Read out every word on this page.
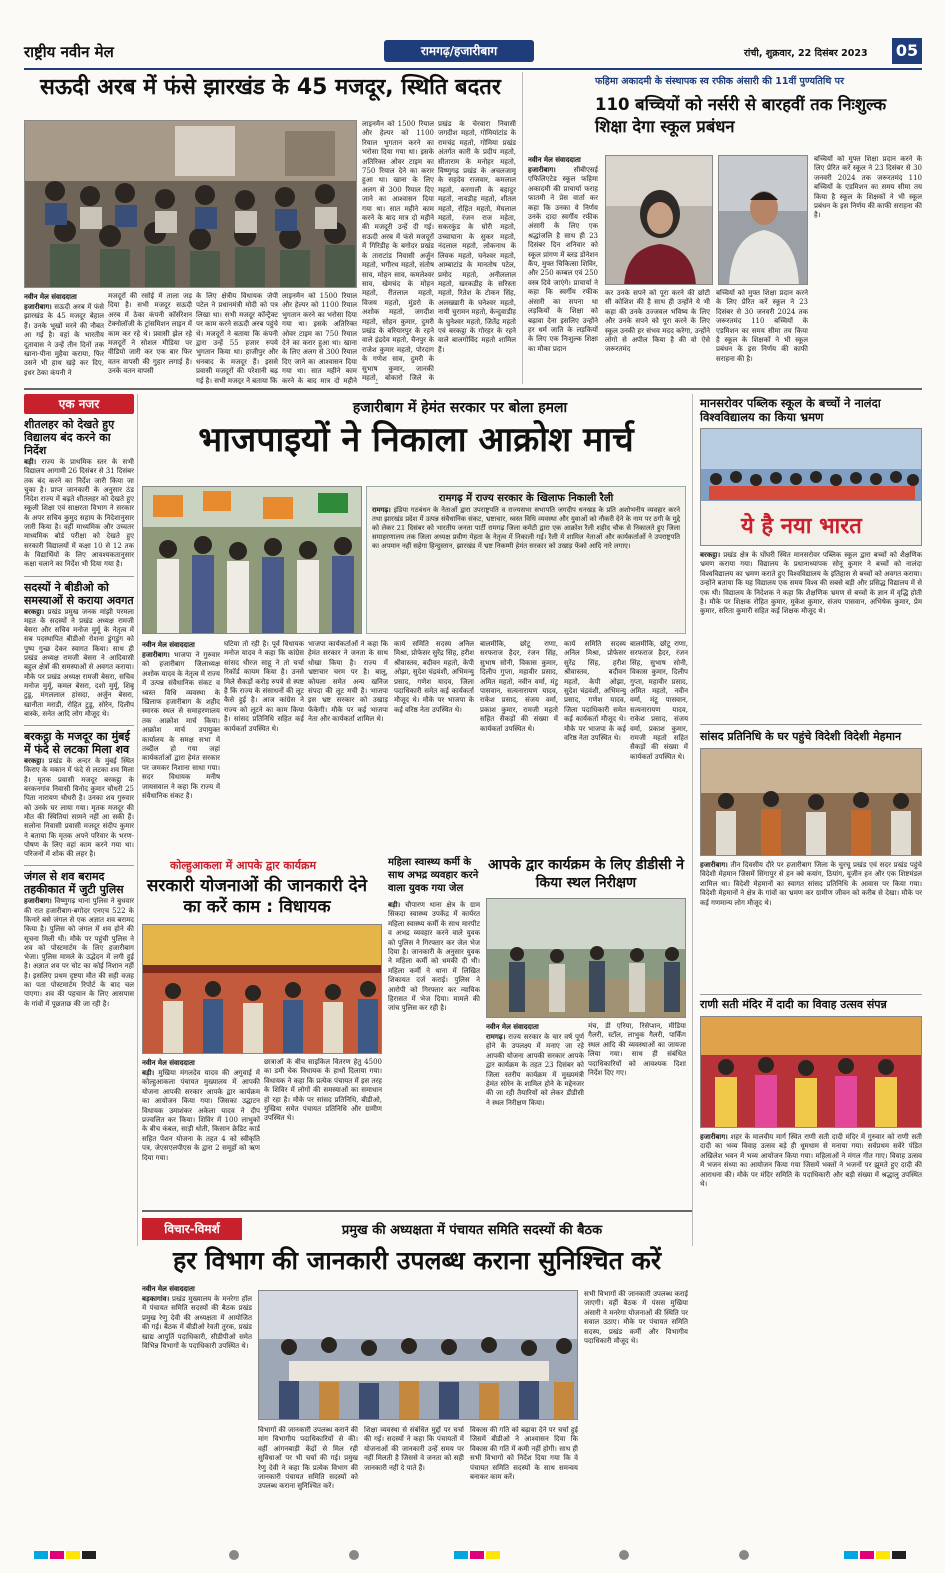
राष्ट्रीय नवीन मेल	रामगढ़/हजारीबाग	रांची, शुक्रवार, 22 दिसंबर 2023 05
सऊदी अरब में फंसे झारखंड के 45 मजदूर, स्थिति बदतर
नवीन मेल संवाददाता
हजारीबाग। सऊदी अरब में फंसे झारखंड के 45 मजदूर बेहाल हैं। उनके भूखों मरने की नौबत आ गई है। वहां के भारतीय दूतावास ने उन्हें तीन दिनों तक खाना-पीना मुहैया कराया, फिर उसने भी हाथ खड़े कर दिए, इधर ठेका कंपनी ने
मजदूरों की रसोई में ताला जड़ दिया है। सभी मजदूर सऊदी अरब में ठेका कंपनी कॉर्सरेशन टेक्नोलॉजी के ट्रांसमिशन लाइन में काम कर रहे थे। प्रवासी झेल रहे मजदूरों ने सोशल मीडिया पर वीडियो जारी कर एक बार फिर वतन वापसी की गुहार लगाई है। उनके वतन वापसी
के लिए क्षेत्रीय विधायक जेपी पटेल ने प्रधानमंत्री मोदी को पत्र लिखा था। सभी मजदूर कॉन्ट्रैक्ट पर काम करने सऊदी अरब पहुंचे थे। मजदूरों ने बताया कि कंपनी द्वारा उन्हें 55 हजार रुपये भुगतान किया था। हाजीपुर और धनबाद के मजदूर हैं। इससे प्रवासी मजदूरों की परेशानी बढ़ गई है। सभी मजदूर ने बताया कि
लाइनमैन को 1500 रियाल और हेल्पर को 1100 रियाल भुगतान करने का भरोसा दिया गया था। इसके अतिरिक्त ओवर टाइम का 750 रियाल देने का करार हुआ था। खाना के लिए अलग से 300 रियाल दिए जाने का आश्वासन दिया गया था। सात महीने काम करने के बाद मात्र दो महीने
लाइनमैन को 1500 रियाल और हेल्पर को 1100 रियाल भुगतान करने का भरोसा दिया गया था। इसके अतिरिक्त ओवर टाइम का 750 रियाल देने का करार हुआ था। खाना के लिए अलग से 300 रियाल दिए जाने का आश्वासन दिया गया था। सात महीने काम करने के बाद मात्र दो महीने की मजदूरी उन्हें दी गई। सऊदी अरब में फंसे मजदूरों में गिरिडीह के बगोदर प्रखंड के ताराटांड निवासी अर्जुन महतो, भगीरथ महतो, संतोष साव, मोहन साव, कमलेश्वर साव, खेमचंद के मोहन महतो, रीतलाल महतो, विजय महतो, मुंडरो के अशोक महतो, जगदीश महतो, सोहन कुमार, दुमरी प्रखंड के बरियारपुर के रहने वाले इंद्रदेव महतो, चैनपुर के राजेश कुमार महतो, पोरदाग के गणेश साव, दुमरी के सुभाष कुमार, जानकी महतो, बोकारो जिले के
प्रखंड के चेरवारा निवासी जगदीश महतो, गोमियांटांड के रामचंद्र महतो, गोमिया प्रखंड अंतर्गत कारी के प्रदीप महतो, सीताराम के मनोहर महतो, विष्णुगढ़ प्रखंड के अचलजामू के सहदेव राजवार, कमलाल महतो, करगाली के बहादुर महतो, नावडीह महतो, शीतल महतो, रोहित महतो, मेघलाल महतो, रंजन राज महेता, सकरकुंड के घोरी महतो, उच्चाघाना के सुकर महतो, नंदलाल महतो, लोकनाथ के लिवक महतो, घनेश्वर महतो, आम्बाटांड के मानतोष पटेल, प्रमोद महतो, अनीललाल महतो, खरकडीह के सरिस्ता महतो, रितेश के टोकन सिंह, अलख्खारी के घनेश्वर महतो, नायी चुरामन महतो, केन्दुवाडीह के घुनेश्वर महतो, जितेंद्र महतो एवं बरकट्ठा के गोरहर के रहने वाले बालगोविंद महतो शामिल हैं।
फहिमा अकादमी के संस्थापक स्व रफीक अंसारी की 11वीं पुण्यतिथि पर
110 बच्चियों को नर्सरी से बारहवीं तक निःशुल्क शिक्षा देगा स्कूल प्रबंधन
नवीन मेल संवाददाता
हजारीबाग।	सीबीएसई एफिलिएटेड स्कूल फहिमा अकादमी की प्राचार्या फराह फातमी ने प्रेस वार्ता कर कहा कि उनका ये निर्णय उनके दादा स्वर्गीय रफीक अंसारी के लिए एक श्रद्धांजलि है साथ ही 23 दिसंबर दिन शनिवार को स्कूल प्रांगण में ब्लड डोनेशन कैंप, मुफ्त चिकित्सा शिविर, और 250 कम्बल एवं 250 वस्त्र दिये जाएंगे। प्राचार्या ने कहा कि स्वर्गीय रफीक अंसारी का सपना था लड़कियों के शिक्षा को बढ़ावा देना इसलिए उन्होंने हर धर्म जाति के लड़कियों के लिए एक निःशुल्क शिक्षा का मौका प्रदान
कर उनके सपने को पूरा करने की छोटी सी कोशिश की है साथ ही उन्होंने ये भी कहा की उनके उज्जवल भविष्य के लिए और उनके सपने को पूरा करने के लिए स्कूल उनकी हर संभव मदद करेगा, उन्होंने लोगो से अपील किया है की वो ऐसे जरूरतमंद
बच्चियों को मुफ्त शिक्षा प्रदान करने के लिए प्रेरित करें स्कूल ने 23 दिसंबर से 30 जनवरी 2024 तक जरूरतमंद 110 बच्चियों के एडमिशन का समय सीमा तय किया है स्कूल के शिक्षकों ने भी स्कूल प्रबंधन के इस निर्णय की काफी सराहना की है।
बच्चियों को मुफ्त शिक्षा प्रदान करने के लिए प्रेरित करें स्कूल ने 23 दिसंबर से 30 जनवरी 2024 तक जरूरतमंद 110 बच्चियों के एडमिशन का समय सीमा तय किया है स्कूल के शिक्षकों ने भी स्कूल प्रबंधन के इस निर्णय की काफी सराहना की है।
एक नजर
शीतलहर को देखते हुए विद्यालय बंद करने का निर्देश
बड़ी। राज्य के प्राथमिक स्तर के सभी विद्यालय आगामी 26 दिसंबर से 31 दिसंबर तक बंद करने का निर्देश जारी किया जा चुका है। प्राप्त जानकारी के अनुसार ठंड निदेश राज्य में बढ़ते शीतलहर को देखते हुए स्कूली शिक्षा एवं साक्षरता विभाग ने सरकार के अपर सचिव कुमुद सहाय के निदेशानुसार जारी किया है। वहीं माध्यमिक और उच्चतर माध्यमिक बोर्ड परीक्षा को देखते हुए सरकारी विद्यालयों में कक्षा 10 से 12 तक के विद्यार्थियों के लिए आवश्यकतानुसार कक्षा चलाने का निर्देश भी दिया गया है।
सदस्यों ने बीडीओ को समस्याओं से कराया अवगत
बरकट्ठा। प्रखंड प्रमुख जनक मांझी परमला महत के सदस्यों ने प्रखंड अध्यक्ष रामजी बेसरा और सचिव मनोज मुर्मू के नेतृत्व में सब पदस्थापित बीडीओ रोशना डुंगडुंग को पुष्प गुच्छ देकर स्वागत किया। साथ ही प्रखंड अध्यक्ष रामजी बेसरा ने आदिवासी बहुल क्षेत्रों की समस्याओं से अवगत कराया। मौके पर प्रखंड अध्यक्ष रामजी बेसरा, सचिव मनोज मुर्मू, कमल बेसरा, दशो मुर्मू, शिबू टुडू, मंगललाल हांसदा, अर्जुन बेसरा, खानीता मराडी, रोहित टुडू, सोरेन, दिलीप बास्के, सनेत आदि लोग मौजूद थे।
बरकट्ठा के मजदूर का मुंबई में फंदे से लटका मिला शव
बरकट्ठा। प्रखंड के अन्दर के मुंबई स्थित किराए के मकान में फंदे से लटका शव मिला है। मृतक प्रवासी मजदूर बरकट्ठा के बरकनगांव निवासी विनोद कुमार चौधरी 25 पिता नारायण चौधरी है। उनका शव गुरुवार को उनके घर लाया गया। मृतक मजदूर की मौत की स्थितियां सामने नहीं आ सकी हैं। सलोना निवासी प्रवासी मजदूर संदीप कुमार ने बताया कि मृतक अपने परिवार के भरण-पोषण के लिए वहां काम करने गया था। परिजनों में शोक की लहर है।
जंगल से शव बरामद तहकीकात में जुटी पुलिस
हजारीबाग। विष्णुगढ़ थाना पुलिस ने बुधवार की रात हजारीबाग-बगोदर एनएच 522 के किनारे बसे जंगल से एक अज्ञात शव बरामद किया है। पुलिस को जंगल में शव होने की सूचना मिली थी। मौके पर पहुंची पुलिस ने शव को पोस्टमार्टम के लिए हजारीबाग भेजा। पुलिस मामले के उद्भेदन में लगी हुई है। अज्ञात शव पर चोट का कोई निशान नहीं है। इसलिए प्रथम दृष्टया मौत की सही वजह का पता पोस्टमार्टम रिपोर्ट के बाद चल पाएगा। शव की पहचान के लिए आसपास के गांवों में पूछताछ की जा रही है।
हजारीबाग में हेमंत सरकार पर बोला हमला
भाजपाइयों ने निकाला आक्रोश मार्च
रामगढ़ में राज्य सरकार के खिलाफ निकाली रैली
रामगढ़। इंडिया गठबंधन के नेताओं द्वारा उपराष्ट्रपति व राज्यसभा सभापति जगदीप धनखड़ के प्रति अशोभनीय व्यवहार करने तथा झारखंड प्रदेश में उत्पन्न संवैधानिक संकट, भ्रष्टाचार, ध्वस्त विधि व्यवस्था और युवाओं को नौकरी देने के नाम पर ठगी के मुद्दे को लेकर 21 दिसंबर को भारतीय जनता पार्टी रामगढ़ जिला कमेटी द्वारा एक आक्रोश रैली शहीद चौक से निकालते हुए जिला समाहरणालय तक जिला अध्यक्ष प्रवीण मेहता के नेतृत्व में निकाली गई। रैली में शामिल नेताओं और कार्यकर्ताओं ने उपराष्ट्रपति का अपमान नहीं सहेगा हिन्दुस्तान, झारखंड में भ्रष्ट निकम्मी हेमंत सरकार को उखाड़ फेंको आदि नारे लगाए।
नवीन मेल संवाददाता
हजारीबाग। भाजपा ने गुरुवार को हजारीबाग जिलाध्यक्ष अशोक यादव के नेतृत्व में राज्य में उत्पन्न संवैधानिक संकट व ध्वस्त विधि व्यवस्था के खिलाफ हजारीबाग के शहीद स्मारक स्थल से समाहरणालय तक आक्रोश मार्च किया। आक्रोश मार्च उपायुक्त कार्यालय के समक्ष सभा में तब्दील हो गया जहां कार्यकर्ताओं द्वारा हेमंत सरकार पर जमकर निशाना साधा गया। सदर विधायक मनीष जायसवाल ने कहा कि राज्य में संवैधानिक संकट है।
घटिया तो रही है। पूर्व विधायक मनोज यादव ने कहा कि कांग्रेस सांसद धीरज साहू ने तो चर्चा रिकॉर्ड कायम किया है। उनसे मिले सैकड़ों करोड़ रुपये से स्पष्ट है कि राज्य के संसाधनों की लूट कैसे हुई है। आज कांग्रेस ने राज्य को लूटने का काम किया है। सांसद प्रतिनिधि सहित कई कार्यकर्ता उपस्थित थे।
भाजपा कार्यकर्ताओं ने कहा कि हेमंत सरकार ने जनता के साथ धोखा किया है। राज्य में भ्रष्टाचार चरम पर है। बालू, कोयला समेत अन्य खनिज संपदा की लूट मची है। भाजपा इस भ्रष्ट सरकार को उखाड़ फेंकेगी। मौके पर कई भाजपा नेता और कार्यकर्ता शामिल थे।
कार्य समिति सदस्य अनिल मिश्रा, प्रोफेसर सुरेंद्र सिंह, हरीश श्रीवास्तव, बदीवन महतो, केपी ओझा, सुदेश चंद्रवंशी, अभिमन्यु प्रसाद, गणेश यादव, जिला पदाधिकारी समेत कई कार्यकर्ता मौजूद थे। मौके पर भाजपा के कई वरिष्ठ नेता उपस्थित थे।
बालमीकि, छोटू राणा, सरफराज हैदर, रंजन सिंह, सुभाष सोनी, विकास कुमार, दिलीप गुप्ता, महावीर प्रसाद, अमित महतो, नवीन वर्मा, मंटू पासवान, सत्यनारायण यादव, राकेश प्रसाद, संजय वर्मा, प्रकाश कुमार, रामजी महतो सहित सैकड़ों की संख्या में कार्यकर्ता उपस्थित थे।
कार्य समिति सदस्य अनिल मिश्रा, प्रोफेसर सुरेंद्र सिंह, हरीश श्रीवास्तव, बदीवन महतो, केपी ओझा, सुदेश चंद्रवंशी, अभिमन्यु प्रसाद, गणेश यादव, जिला पदाधिकारी समेत कई कार्यकर्ता मौजूद थे। मौके पर भाजपा के कई वरिष्ठ नेता उपस्थित थे।
बालमीकि, छोटू राणा, सरफराज हैदर, रंजन सिंह, सुभाष सोनी, विकास कुमार, दिलीप गुप्ता, महावीर प्रसाद, अमित महतो, नवीन वर्मा, मंटू पासवान, सत्यनारायण यादव, राकेश प्रसाद, संजय वर्मा, प्रकाश कुमार, रामजी महतो सहित सैकड़ों की संख्या में कार्यकर्ता उपस्थित थे।
कोल्हुआकला में आपके द्वार कार्यक्रम
सरकारी योजनाओं की जानकारी देने का करें काम : विधायक
नवीन मेल संवाददाता
बड़ी। मुखिया मंगलदेव यादव की अगुवाई में कोल्हुआकला पंचायत मुख्यालय में आपकी योजना आपकी सरकार आपके द्वार कार्यक्रम का आयोजन किया गया। जिसका उद्घाटन विधायक उमाशंकर अकेला यादव ने दीप प्रज्वलित कर किया। शिविर में 100 लाभुकों के बीच कंबल, साड़ी धोती, किसान क्रेडिट कार्ड सहित पेंशन योजना के तहत 4 को स्वीकृति पत्र, जेएसएलपीएस के द्वारा 2 समूहों को ऋण दिया गया।
छात्राओं के बीच साइकिल वितरण हेतु 4500 का डमी चेक विधायक के हाथों दिलाया गया। विधायक ने कहा कि प्रत्येक पंचायत में इस तरह के शिविर में लोगों की समस्याओं का समाधान हो रहा है। मौके पर सांसद प्रतिनिधि, बीडीओ, मुखिया समेत पंचायत प्रतिनिधि और ग्रामीण उपस्थित थे।
महिला स्वास्थ्य कर्मी के साथ अभद्र व्यवहार करने वाला युवक गया जेल
बड़ी। चौपारण थाना क्षेत्र के ग्राम सिकदा स्वास्थ्य उपकेंद्र में कार्यरत महिला स्वास्थ्य कर्मी के साथ मारपीट व अभद्र व्यवहार करने वाले युवक को पुलिस ने गिरफ्तार कर जेल भेज दिया है। जानकारी के अनुसार युवक ने महिला कर्मी को धमकी दी थी। महिला कर्मी ने थाना में लिखित शिकायत दर्ज कराई। पुलिस ने आरोपी को गिरफ्तार कर न्यायिक हिरासत में भेज दिया। मामले की जांच पुलिस कर रही है।
आपके द्वार कार्यक्रम के लिए डीडीसी ने किया स्थल निरीक्षण
नवीन मेल संवाददाता
रामगढ़। राज्य सरकार के चार वर्ष पूर्ण होने के उपलक्ष्य में मनाए जा रहे आपकी योजना आपकी सरकार आपके द्वार कार्यक्रम के तहत 23 दिसंबर को जिला स्तरीय कार्यक्रम में मुख्यमंत्री हेमंत सोरेन के शामिल होने के मद्देनजर की जा रही तैयारियों को लेकर डीडीसी ने स्थल निरीक्षण किया।
मंच, डी एरिया, रिसेप्शन, मीडिया गैलरी, स्टॉल, लाभुक गैलरी, पार्किंग स्थल आदि की व्यवस्थाओं का जायजा लिया गया। साथ ही संबंधित पदाधिकारियों को आवश्यक दिशा निर्देश दिए गए।
मानसरोवर पब्लिक स्कूल के बच्चों ने नालंदा विश्वविद्यालय का किया भ्रमण
ये है नया भारत
बरकट्ठा। प्रखंड क्षेत्र के घोंघरी स्थित मानसरोवर पब्लिक स्कूल द्वारा बच्चों को शैक्षणिक भ्रमण कराया गया। विद्यालय के प्रधानाध्यापक सोनू कुमार ने बच्चों को नालंदा विश्वविद्यालय का भ्रमण कराते हुए विश्वविद्यालय के इतिहास से बच्चों को अवगत कराया। उन्होंने बताया कि यह विद्यालय एक समय विश्व की सबसे बड़ी और प्रसिद्ध विद्यालय में से एक थी। विद्यालय के निदेशक ने कहा कि शैक्षणिक भ्रमण से बच्चों के ज्ञान में वृद्धि होती है। मौके पर शिक्षक रोहित कुमार, मुकेश कुमार, संजय पासवान, अभिषेक कुमार, प्रेम कुमार, सरिता कुमारी सहित कई शिक्षक मौजूद थे।
सांसद प्रतिनिधि के घर पहुंचे विदेशी विदेशी मेहमान
हजारीबाग। तीन दिवसीय दौरे पर हजारीबाग जिला के चुरचू प्रखंड एवं सदर प्रखंड पहुंचे विदेशी मेहमान जिसमें सिंगापुर से हन क्वे कयांग, ठियांग, यूजीन हन और एक शिष्टमंडल शामिल था। विदेशी मेहमानों का स्वागत सांसद प्रतिनिधि के आवास पर किया गया। विदेशी मेहमानों ने क्षेत्र के गांवों का भ्रमण कर ग्रामीण जीवन को करीब से देखा। मौके पर कई गणमान्य लोग मौजूद थे।
राणी सती मंदिर में दादी का विवाह उत्सव संपन्न
हजारीबाग। शहर के मालवीय मार्ग स्थित राणी सती दादी मंदिर में गुरुवार को राणी सती दादी का भव्य विवाह उत्सव बड़े ही धूमधाम से मनाया गया। सर्वप्रथम सवेरे पंडित अखिलेश भवन में भव्य आयोजन किया गया। महिलाओं ने मंगल गीत गाए। विवाह उत्सव में भजन संध्या का आयोजन किया गया जिसमें भक्तों ने भजनों पर झूमते हुए दादी की आराधना की। मौके पर मंदिर समिति के पदाधिकारी और बड़ी संख्या में श्रद्धालु उपस्थित थे।
विचार-विमर्श	प्रमुख की अध्यक्षता में पंचायत समिति सदस्यों की बैठक
हर विभाग की जानकारी उपलब्ध कराना सुनिश्चित करें
नवीन मेल संवाददाता
बड़कागांव। प्रखंड मुख्यालय के मनरेगा हॉल में पंचायत समिति सदस्यों की बैठक प्रखंड प्रमुख रेणु देवी की अध्यक्षता में आयोजित की गई। बैठक में बीडीओ रेवती तुरक, प्रखंड खाद्य आपूर्ति पदाधिकारी, सीडीपीओ समेत विभिन्न विभागों के पदाधिकारी उपस्थित थे।
विभागों की जानकारी उपलब्ध कराने की मांग विभागीय पदाधिकारियों से की। वहीं आंगनबाड़ी केंद्रों से मिल रही सुविधाओं पर भी चर्चा की गई। प्रमुख रेणु देवी ने कहा कि प्रत्येक विभाग की जानकारी पंचायत समिति सदस्यों को उपलब्ध कराना सुनिश्चित करें।
शिक्षा व्यवस्था से संबंधित मुद्दों पर चर्चा की गई। सदस्यों ने कहा कि पंचायतों में योजनाओं की जानकारी उन्हें समय पर नहीं मिलती है जिससे वे जनता को सही जानकारी नहीं दे पाते हैं।
विकास की गति को बढ़ावा देने पर चर्चा हुई जिसमें बीडीओ ने आश्वासन दिया कि विकास की गति में कमी नहीं होगी। साथ ही सभी विभागों को निर्देश दिया गया कि वे पंचायत समिति सदस्यों के साथ समन्वय बनाकर काम करें।
सभी विभागों की जानकारी उपलब्ध कराई जाएगी। वहीं बैठक में पंसस मुखिया अंसारी ने मनरेगा योजनाओं की स्थिति पर सवाल उठाए। मौके पर पंचायत समिति सदस्य, प्रखंड कर्मी और विभागीय पदाधिकारी मौजूद थे।
